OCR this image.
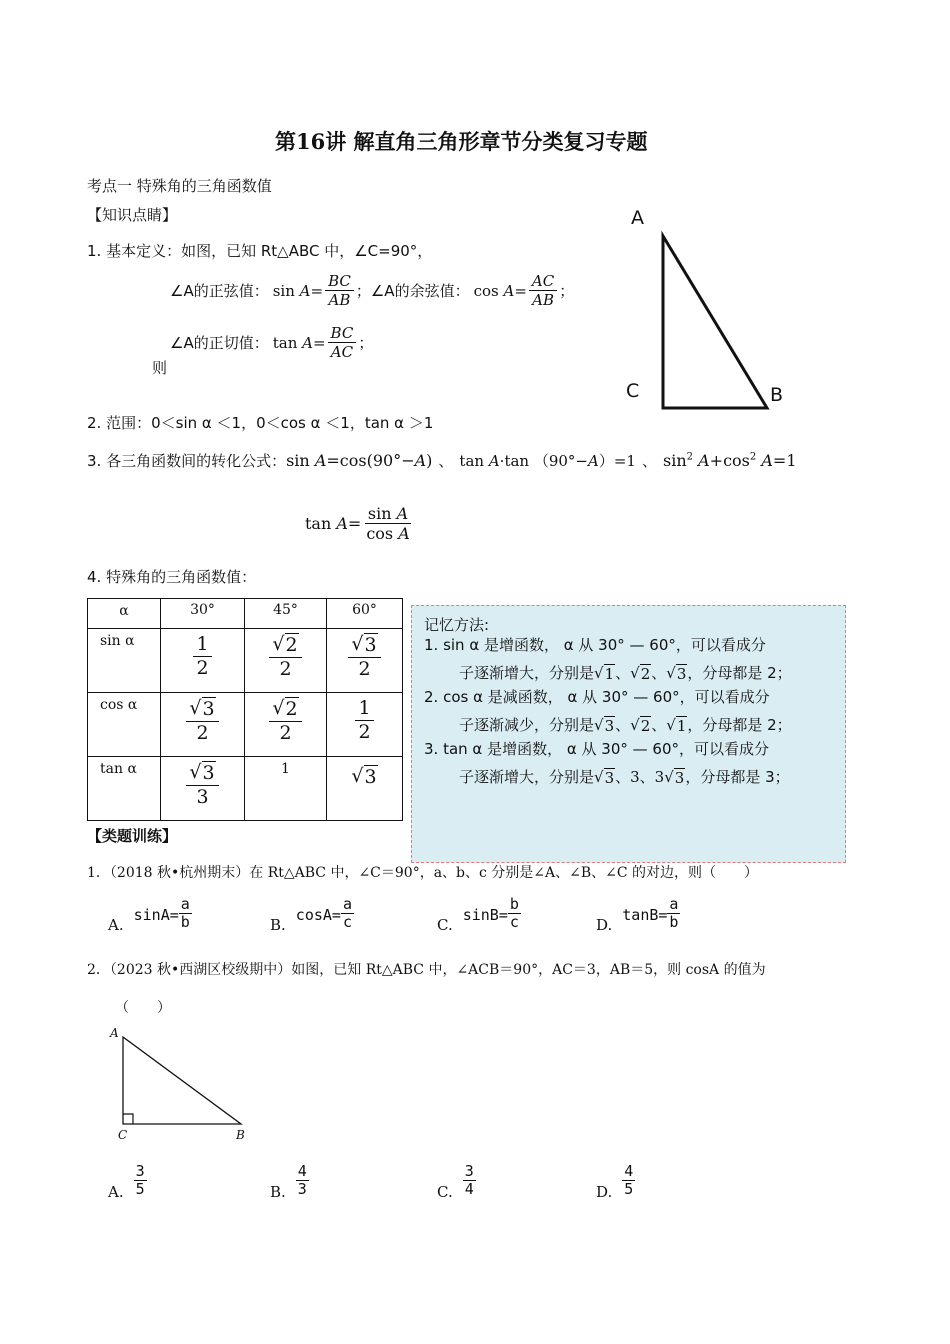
第16讲 解直角三角形章节分类复习专题
考点一 特殊角的三角函数值
【知识点睛】
1. 基本定义：如图，已知 Rt△ABC 中，∠C=90°，
∠A的正弦值： $\sin A= \frac{BC}{AB}$ ；∠A的余弦值： $\cos A= \frac{AC}{AB}$ ；
∠A的正切值： $\tan A= \frac{BC}{AC}$ ；
则
A
C	B
2. 范围：0＜sin α ＜1，0＜cos α ＜1，tan α ＞1
3. 各三角函数间的转化公式： sin A=cos(90°−A) 、 tan A·tan （90°−A）=1 、 $\sin^2 A+\cos^2$ A=1
$\tan A= \frac{\text{sin A}}{\text{cos A}}$
4. 特殊角的三角函数值：
α	30°	45°	60°
sin α	$\frac{1}{2}$	$\frac{√ 2}{2}$	$\frac{√ 3}{2}$

cos α	$\frac{√ 3}{2}$	$\frac{√ 2}{2}$	$\frac{1}{2}$

tan α	$\frac{√ 3}{3}$	1	√ 3
记忆方法:
1. sin α 是增函数， α 从 30° — 60°，可以看成分
子逐渐增大，分别是 √ 1 、 √ 2 、 √ 3 ，分母都是 2；
2. cos α 是减函数， α 从 30° — 60°，可以看成分
子逐渐减少，分别是 √ 3 、 √ 2 、 √ 1 ，分母都是 2；
3. tan α 是增函数， α 从 30° — 60°，可以看成分
子逐渐增大，分别是 √ 3 、3、3 √ 3 ，分母都是 3；
【类题训练】
1．（2018 秋•杭州期末）在 Rt△ABC 中，∠C＝90°，a、b、c 分别是∠A、∠B、∠C 的对边，则（　　）
A.
$\sin A= \frac{a}{b}$	B.
$\cos A= \frac{a}{c}$	C.
$\sin B= \frac{b}{c}$	D.
$\tan B= \frac{a}{b}$
2．（2023 秋•西湖区校级期中）如图，已知 Rt△ABC 中，∠ACB＝90°，AC＝3，AB＝5，则 cosA 的值为
（　　）
A
C	B
A. $\frac{3}{5}$	B. $\frac{4}{3}$	C. $\frac{3}{4}$	D. $\frac{4}{5}$
